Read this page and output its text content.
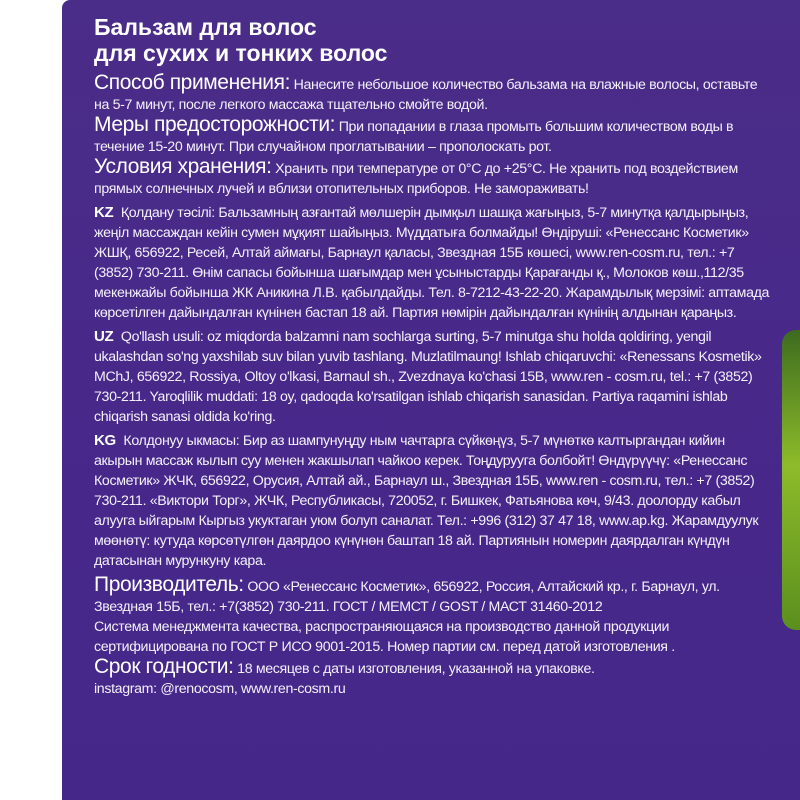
Бальзам для волос

для сухих и тонких волос

Способ применения: Нанесите небольшое количество бальзама на влажные волосы, оставьте на 5-7 минут, после легкого массажа тщательно смойте водой.

Меры предосторожности: При попадании в глаза промыть большим количеством воды в течение 15-20 минут. При случайном проглатывании – прополоскать рот.

Условия хранения: Хранить при температуре от 0°С до +25°С. Не хранить под воздействием прямых солнечных лучей и вблизи отопительных приборов. Не замораживать!

KZ Қолдану тәсілі: Бальзамның азғантай мөлшерін дымқыл шашқа жағыңыз, 5-7 минутқа қалдырыңыз, жеңіл массаждан кейін сумен мұқият шайыңыз. Мүддатығa болмайды! Өндіруші: «Ренессанс Косметик» ЖШҚ, 656922, Ресей, Алтай аймағы, Барнаул қаласы, Звездная 15Б көшесі, www.ren-cosm.ru, тел.: +7 (3852) 730-211. Өнім сапасы бойынша шағымдар мен ұсыныстарды Қарағанды қ., Молоков көш.,112/35 мекенжайы бойынша ЖК Аникина Л.В. қабылдайды. Тел. 8-7212-43-22-20. Жарамдылық мерзімі: аптамада көрсетілген дайындалған күнінен бастап 18 ай. Партия нөмірін дайындалған күнінің алдынан қараңыз.

UZ Qo'llash usuli: oz miqdorda balzamni nam sochlarga surting, 5-7 minutga shu holda qoldiring, yengil ukalashdan so'ng yaxshilab suv bilan yuvib tashlang. Muzlatilmaung! Ishlab chiqaruvchi: «Renessans Kosmetik» MChJ, 656922, Rossiya, Oltoy o'lkasi, Barnaul sh., Zvezdnaya ko'chasi 15B, www.ren - cosm.ru, tel.: +7 (3852) 730-211. Yaroqlilik muddati: 18 oy, qadoqda ko'rsatilgan ishlab chiqarish sanasidan. Partiya raqamini ishlab chiqarish sanasi oldida ko'ring.

KG Колдонуу ыкмасы: Бир аз шампунуңду ным чачтарга сүйкөңүз, 5-7 мүнөткө калтыргандан кийин акырын массаж кылып суу менен жакшылап чайкоо керек. Тоңдурууга болбойт! Өндүрүүчү: «Ренессанс Косметик» ЖЧК, 656922, Орусия, Алтай ай., Барнаул ш., Звездная 15Б, www.ren - cosm.ru, тел.: +7 (3852) 730-211. «Виктори Торг», ЖЧК, Республикасы, 720052, г. Бишкек, Фатьянова көч, 9/43. доолорду кабыл алууга ыйгарым Кыргыз укуктаган уюм болуп саналат. Тел.: +996 (312) 37 47 18, www.ap.kg. Жарамдуулук мөөнөтү: кутуда көрсөтүлгөн даярдоо күнүнөн баштап 18 ай. Партиянын номерин даярдалган күндүн датасынан мурункуну кара.

Производитель: ООО «Ренессанс Косметик», 656922, Россия, Алтайский кр., г. Барнаул, ул. Звездная 15Б, тел.: +7(3852) 730-211. ГОСТ / МЕМСТ / GOST / МАСТ 31460-2012

Система менеджмента качества, распространяющаяся на производство данной продукции сертифицирована по ГОСТ Р ИСО 9001-2015. Номер партии см. перед датой изготовления .

Срок годности: 18 месяцев с даты изготовления, указанной на упаковке.

instagram: @renocosm, www.ren-cosm.ru
